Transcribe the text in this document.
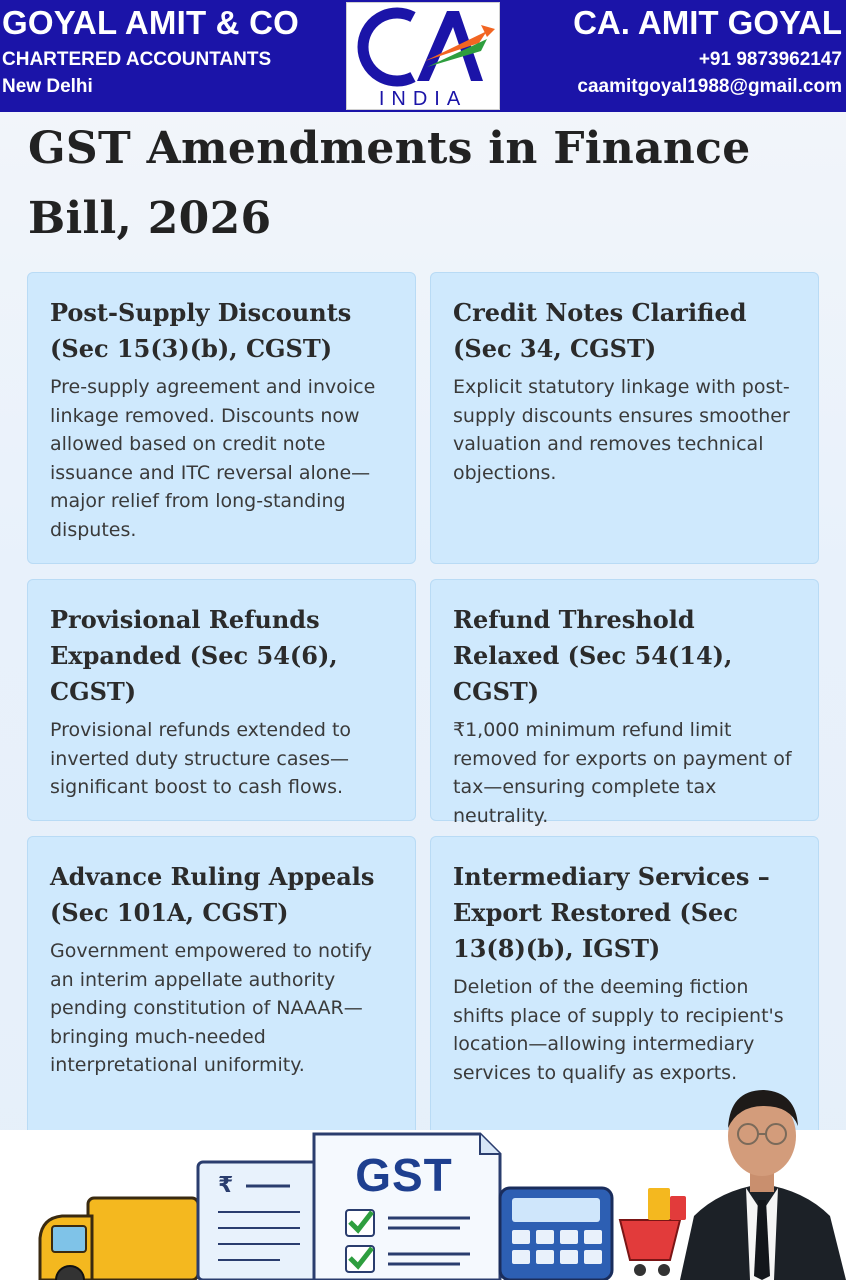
GOYAL AMIT & CO
CHARTERED ACCOUNTANTS
New Delhi
INDIA
CA. AMIT GOYAL
+91 9873962147
caamitgoyal1988@gmail.com
GST Amendments in Finance Bill, 2026
Post-Supply Discounts (Sec 15(3)(b), CGST)

Pre-supply agreement and invoice linkage removed. Discounts now allowed based on credit note issuance and ITC reversal alone—major relief from long-standing disputes.

Credit Notes Clarified (Sec 34, CGST)

Explicit statutory linkage with post-supply discounts ensures smoother valuation and removes technical objections.

Provisional Refunds Expanded (Sec 54(6), CGST)

Provisional refunds extended to inverted duty structure cases—significant boost to cash flows.

Refund Threshold Relaxed (Sec 54(14), CGST)

₹1,000 minimum refund limit removed for exports on payment of tax—ensuring complete tax neutrality.

Advance Ruling Appeals (Sec 101A, CGST)

Government empowered to notify an interim appellate authority pending constitution of NAAAR—bringing much-needed interpretational uniformity.

Intermediary Services – Export Restored (Sec 13(8)(b), IGST)

Deletion of the deeming fiction shifts place of supply to recipient's location—allowing intermediary services to qualify as exports.

₹	GST
